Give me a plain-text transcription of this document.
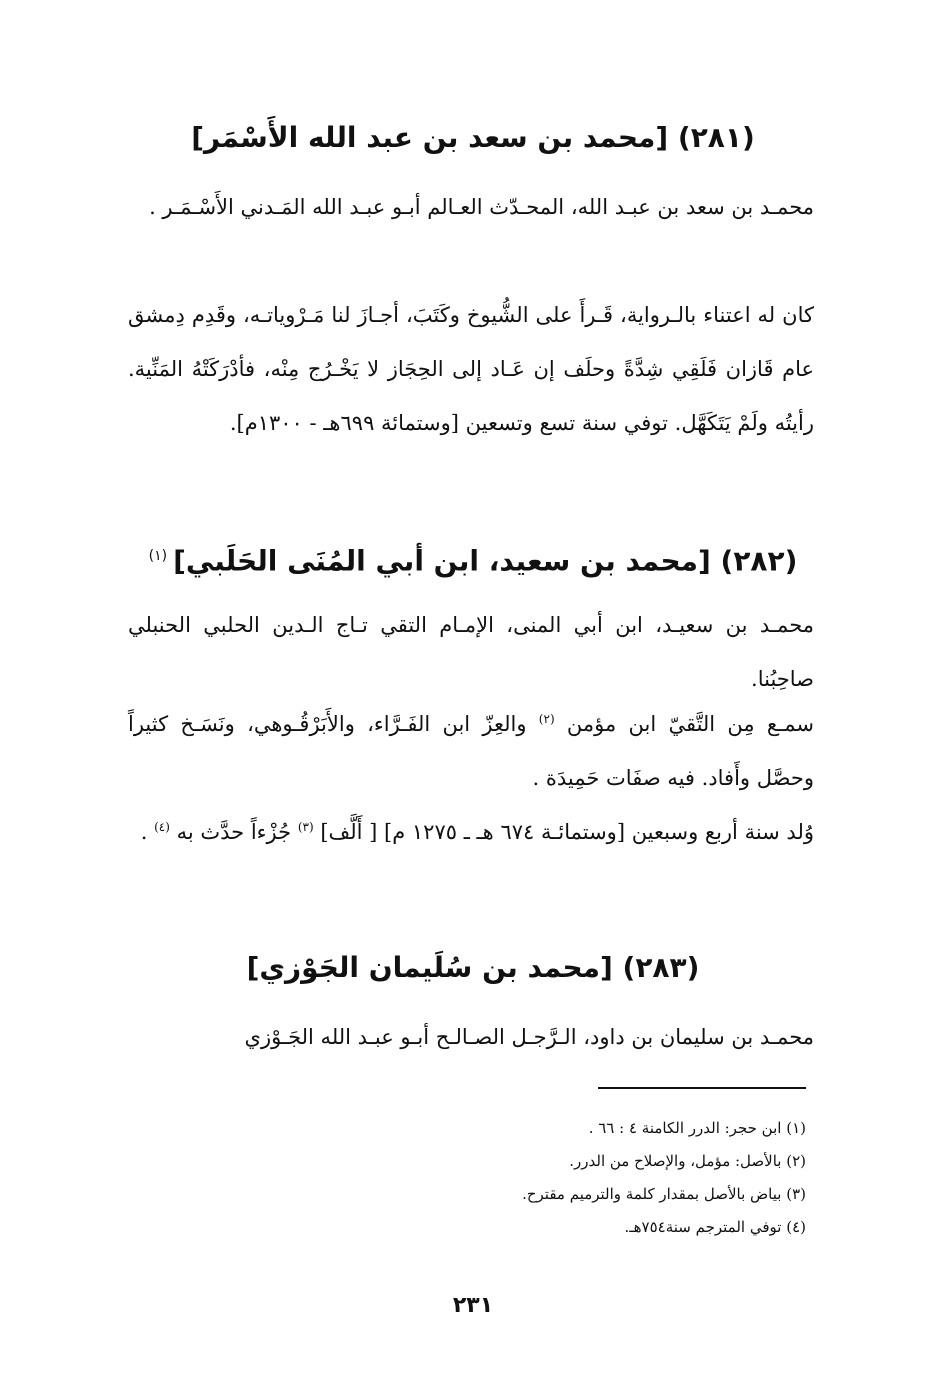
(٢٨١) [محمد بن سعد بن عبد الله الأَسْمَر]

محمـد بن سعد بن عبـد الله، المحـدّث العـالم أبـو عبـد الله المَـدني الأَسْـمَـر .

كان له اعتناء بالـرواية، قَـرأَ على الشُّيوخ وكَتَبَ، أجـازَ لنا مَـرْوياتـه، وقَدِم دِمشق عام قَازان فَلَقِي شِدَّةً وحلَف إن عَـاد إلى الحِجَاز لا يَخْـرُج مِنْه، فأدْرَكَتْهُ المَنِّية. رأيتُه ولَمْ يَتَكَهَّل. توفي سنة تسع وتسعين [وستمائة ٦٩٩هـ - ١٣٠٠م].

(٢٨٢) [محمد بن سعيد، ابن أبي المُنَى الحَلَبي]$^{(١)}$

محمـد بن سعيـد، ابن أبي المنى، الإمـام التقي تـاج الـدين الحلبي الحنبلي صاحِبُنا.

سمـع مِن التَّقيّ ابن مؤمن $^{(٢)}$ والعِزّ ابن الفَـرَّاء، والأَبَرْقُـوهي، ونَسَـخ كثيراً وحصَّل وأَفاد. فيه صفَات حَمِيدَة .

وُلد سنة أربع وسبعين [وستمائـة ٦٧٤ هـ ـ ١٢٧٥ م] [ أَلَّف] $^{(٣)}$ جُزْءاً حدَّث به $^{(٤)}$ .

(٢٨٣) [محمد بن سُلَيمان الجَوْزي]

محمـد بن سليمان بن داود، الـرَّجـل الصـالـح أبـو عبـد الله الجَـوْزي

(١) ابن حجر: الدرر الكامنة ٤ : ٦٦ .
(٢) بالأصل: مؤمل، والإصلاح من الدرر.
(٣) بياض بالأصل بمقدار كلمة والترميم مقترح.
(٤) توفي المترجم سنة٧٥٤هـ.
٢٣١
